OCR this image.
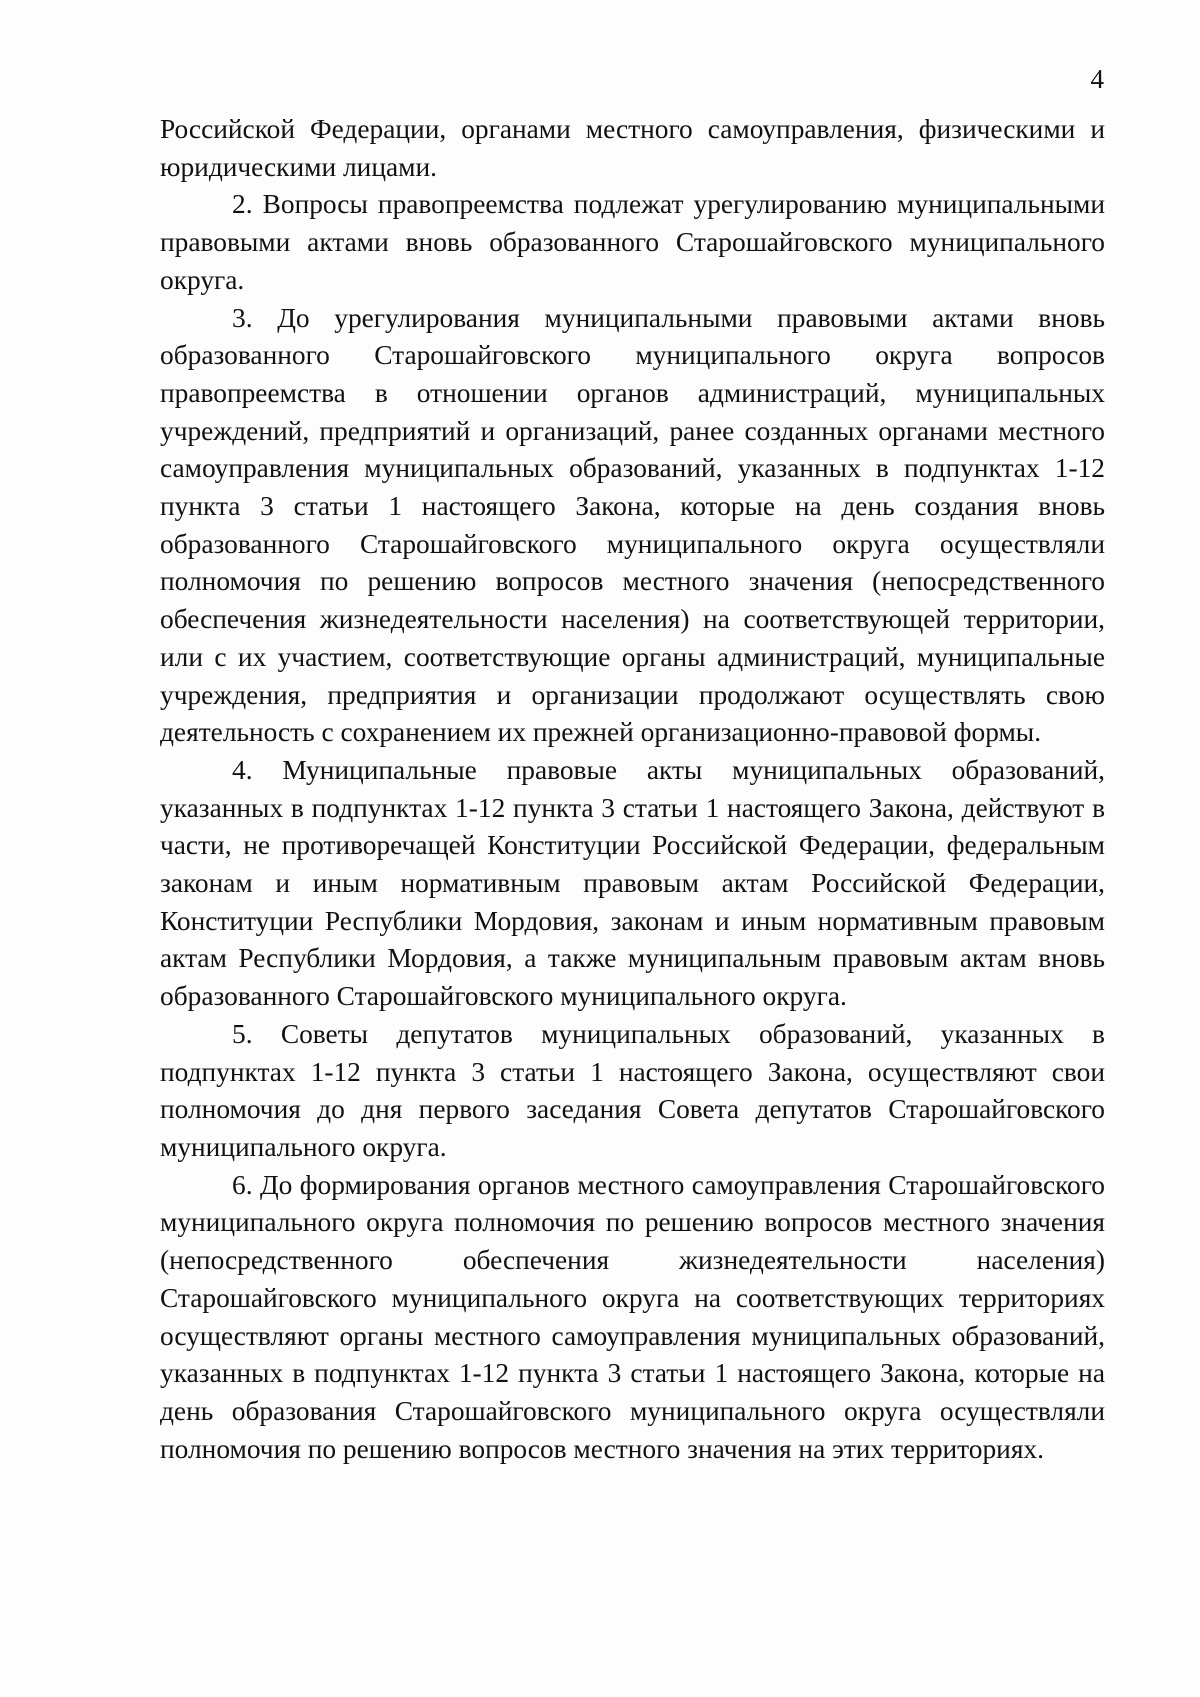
4

Российской Федерации, органами местного самоуправления, физическими и юридическими лицами.

2. Вопросы правопреемства подлежат урегулированию муниципальными правовыми актами вновь образованного Старошайговского муниципального округа.

3. До урегулирования муниципальными правовыми актами вновь образованного Старошайговского муниципального округа вопросов правопреемства в отношении органов администраций, муниципальных учреждений, предприятий и организаций, ранее созданных органами местного самоуправления муниципальных образований, указанных в подпунктах 1-12 пункта 3 статьи 1 настоящего Закона, которые на день создания вновь образованного Старошайговского муниципального округа осуществляли полномочия по решению вопросов местного значения (непосредственного обеспечения жизнедеятельности населения) на соответствующей территории, или с их участием, соответствующие органы администраций, муниципальные учреждения, предприятия и организации продолжают осуществлять свою деятельность с сохранением их прежней организационно-правовой формы.

4. Муниципальные правовые акты муниципальных образований, указанных в подпунктах 1-12 пункта 3 статьи 1 настоящего Закона, действуют в части, не противоречащей Конституции Российской Федерации, федеральным законам и иным нормативным правовым актам Российской Федерации, Конституции Республики Мордовия, законам и иным нормативным правовым актам Республики Мордовия, а также муниципальным правовым актам вновь образованного Старошайговского муниципального округа.

5. Советы депутатов муниципальных образований, указанных в подпунктах 1-12 пункта 3 статьи 1 настоящего Закона, осуществляют свои полномочия до дня первого заседания Совета депутатов Старошайговского муниципального округа.

6. До формирования органов местного самоуправления Старошайговского муниципального округа полномочия по решению вопросов местного значения (непосредственного обеспечения жизнедеятельности населения) Старошайговского муниципального округа на соответствующих территориях осуществляют органы местного самоуправления муниципальных образований, указанных в подпунктах 1-12 пункта 3 статьи 1 настоящего Закона, которые на день образования Старошайговского муниципального округа осуществляли полномочия по решению вопросов местного значения на этих территориях.
